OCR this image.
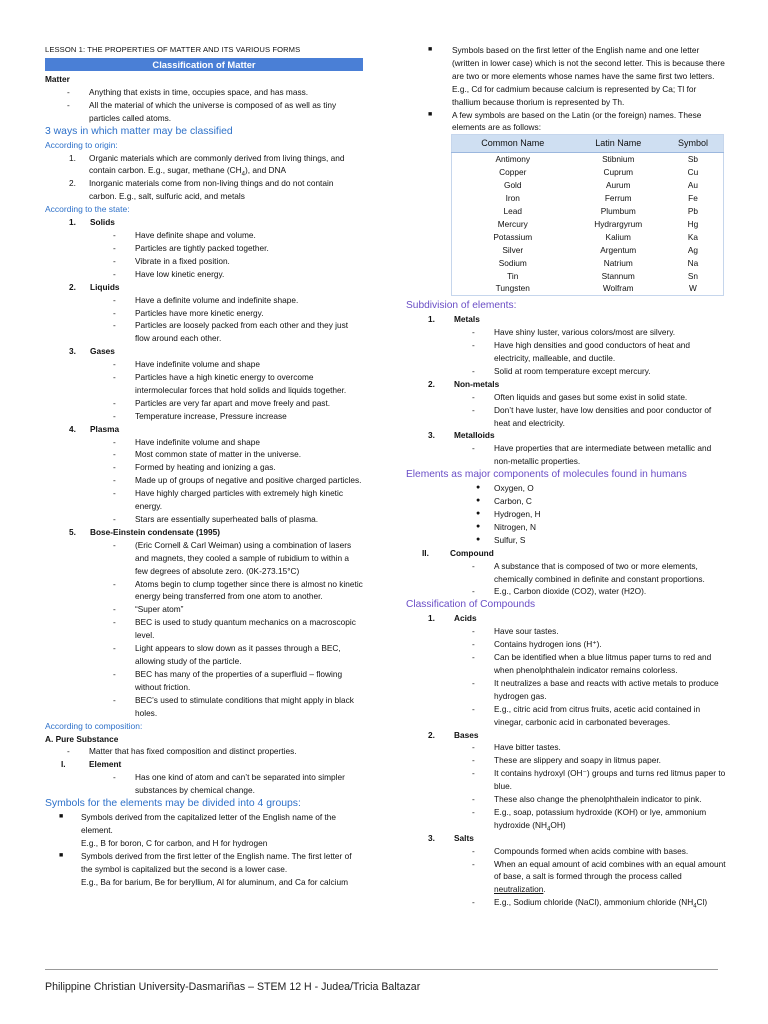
LESSON 1: THE PROPERTIES OF MATTER AND ITS VARIOUS FORMS
Classification of Matter
Matter
-	Anything that exists in time, occupies space, and has mass.
-	All the material of which the universe is composed of as well as tiny particles called atoms.
3 ways in which matter may be classified
According to origin:
1.	Organic materials which are commonly derived from living things, and contain carbon. E.g., sugar, methane $(CH_4)$, and DNA
2.	Inorganic materials come from non-living things and do not contain carbon. E.g., salt, sulfuric acid, and metals
According to the state:
1.	Solids
-	Have definite shape and volume.
-	Particles are tightly packed together.
-	Vibrate in a fixed position.
-	Have low kinetic energy.
2.	Liquids
-	Have a definite volume and indefinite shape.
-	Particles have more kinetic energy.
-	Particles are loosely packed from each other and they just flow around each other.
3.	Gases
-	Have indefinite volume and shape
-	Particles have a high kinetic energy to overcome intermolecular forces that hold solids and liquids together.
-	Particles are very far apart and move freely and past.
-	Temperature increase, Pressure increase
4.	Plasma
-	Have indefinite volume and shape
-	Most common state of matter in the universe.
-	Formed by heating and ionizing a gas.
-	Made up of groups of negative and positive charged particles.
-	Have highly charged particles with extremely high kinetic energy.
-	Stars are essentially superheated balls of plasma.
5.	Bose-Einstein condensate (1995)
-	(Eric Cornell & Carl Weiman) using a combination of lasers and magnets, they cooled a sample of rubidium to within a few degrees of absolute zero. (0K-273.15°C)
-	Atoms begin to clump together since there is almost no kinetic energy being transferred from one atom to another.
-	“Super atom”
-	BEC is used to study quantum mechanics on a macroscopic level.
-	Light appears to slow down as it passes through a BEC, allowing study of the particle.
-	BEC has many of the properties of a superfluid – flowing without friction.
-	BEC’s used to stimulate conditions that might apply in black holes.
According to composition:
A. Pure Substance
-	Matter that has fixed composition and distinct properties.
I.	Element
-	Has one kind of atom and can’t be separated into simpler substances by chemical change.
Symbols for the elements may be divided into 4 groups:
■	Symbols derived from the capitalized letter of the English name of the element.
E.g., B for boron, C for carbon, and H for hydrogen
■	Symbols derived from the first letter of the English name. The first letter of the symbol is capitalized but the second is a lower case.
E.g., Ba for barium, Be for beryllium, Al for aluminum, and Ca for calcium
■	Symbols based on the first letter of the English name and one letter (written in lower case) which is not the second letter. This is because there are two or more elements whose names have the same first two letters.
E.g., Cd for cadmium because calcium is represented by Ca; Tl for thallium because thorium is represented by Th.
■	A few symbols are based on the Latin (or the foreign) names. These elements are as follows:
Common Name	Latin Name	Symbol
Antimony	Stibnium	Sb
Copper	Cuprum	Cu
Gold	Aurum	Au
Iron	Ferrum	Fe
Lead	Plumbum	Pb
Mercury	Hydrargyrum	Hg
Potassium	Kalium	Ka
Silver	Argentum	Ag
Sodium	Natrium	Na
Tin	Stannum	Sn
Tungsten	Wolfram	W
Subdivision of elements:
1.	Metals
-	Have shiny luster, various colors/most are silvery.
-	Have high densities and good conductors of heat and electricity, malleable, and ductile.
-	Solid at room temperature except mercury.
2.	Non-metals
-	Often liquids and gases but some exist in solid state.
-	Don’t have luster, have low densities and poor conductor of heat and electricity.
3.	Metalloids
-	Have properties that are intermediate between metallic and non-metallic properties.
Elements as major components of molecules found in humans
●	Oxygen, O
●	Carbon, C
●	Hydrogen, H
●	Nitrogen, N
●	Sulfur, S
II.	Compound
-	A substance that is composed of two or more elements, chemically combined in definite and constant proportions.
-	E.g., Carbon dioxide (CO2), water (H2O).
Classification of Compounds
1.	Acids
-	Have sour tastes.
-	Contains hydrogen ions (H⁺).
-	Can be identified when a blue litmus paper turns to red and when phenolphthalein indicator remains colorless.
-	It neutralizes a base and reacts with active metals to produce hydrogen gas.
-	E.g., citric acid from citrus fruits, acetic acid contained in vinegar, carbonic acid in carbonated beverages.
2.	Bases
-	Have bitter tastes.
-	These are slippery and soapy in litmus paper.
-	It contains hydroxyl (OH⁻) groups and turns red litmus paper to blue.
-	These also change the phenolphthalein indicator to pink.
-	E.g., soap, potassium hydroxide (KOH) or lye, ammonium hydroxide $(NH_4OH)$
3.	Salts
-	Compounds formed when acids combine with bases.
-	When an equal amount of acid combines with an equal amount of base, a salt is formed through the process called neutralization.
-	E.g., Sodium chloride (NaCl), ammonium chloride $(NH_4Cl)$
Philippine Christian University-Dasmariñas – STEM 12 H - Judea/Tricia Baltazar
